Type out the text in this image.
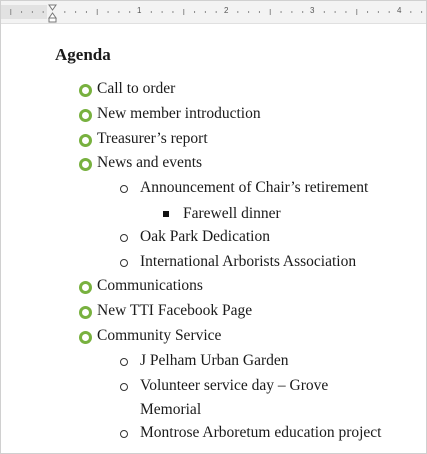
1	2	3	4
Agenda
Call to order
New member introduction
Treasurer’s report
News and events
Announcement of Chair’s retirement
Farewell dinner
Oak Park Dedication
International Arborists Association
Communications
New TTI Facebook Page
Community Service
J Pelham Urban Garden
Volunteer service day – Grove
Memorial
Montrose Arboretum education project
